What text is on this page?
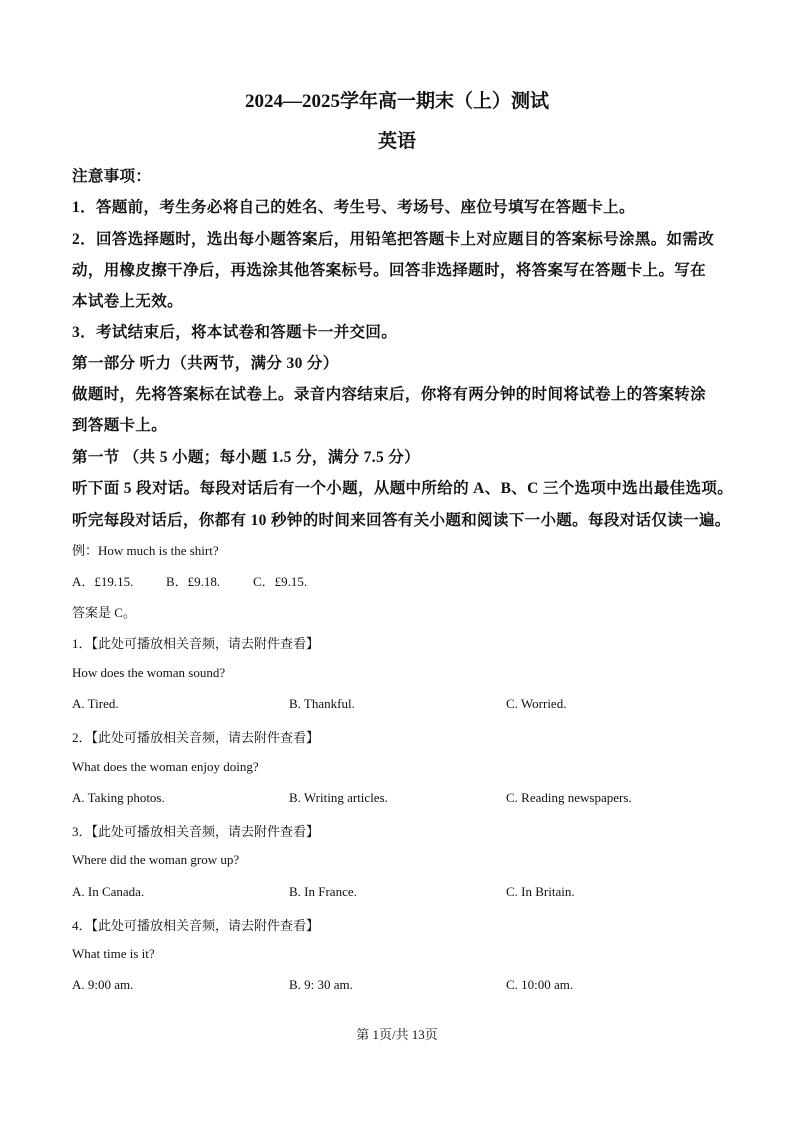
2024—2025学年高一期末（上）测试
英语
注意事项：
1．答题前，考生务必将自己的姓名、考生号、考场号、座位号填写在答题卡上。
2．回答选择题时，选出每小题答案后，用铅笔把答题卡上对应题目的答案标号涂黑。如需改
动，用橡皮擦干净后，再选涂其他答案标号。回答非选择题时，将答案写在答题卡上。写在
本试卷上无效。
3．考试结束后，将本试卷和答题卡一并交回。
第一部分 听力（共两节，满分 30 分）
做题时，先将答案标在试卷上。录音内容结束后，你将有两分钟的时间将试卷上的答案转涂
到答题卡上。
第一节 （共 5 小题；每小题 1.5 分，满分 7.5 分）
听下面 5 段对话。每段对话后有一个小题，从题中所给的 A、B、C 三个选项中选出最佳选项。
听完每段对话后，你都有 10 秒钟的时间来回答有关小题和阅读下一小题。每段对话仅读一遍。
例：How much is the shirt?
A．£19.15.	B．£9.18.	C．£9.15.
答案是 C。
1．【此处可播放相关音频，请去附件查看】
How does the woman sound?
A. Tired.	B. Thankful.	C. Worried.
2．【此处可播放相关音频，请去附件查看】
What does the woman enjoy doing?
A. Taking photos.	B. Writing articles.	C. Reading newspapers.
3．【此处可播放相关音频，请去附件查看】
Where did the woman grow up?
A. In Canada.	B. In France.	C. In Britain.
4．【此处可播放相关音频，请去附件查看】
What time is it?
A. 9:00 am.	B. 9: 30 am.	C. 10:00 am.
第 1页/共 13页
